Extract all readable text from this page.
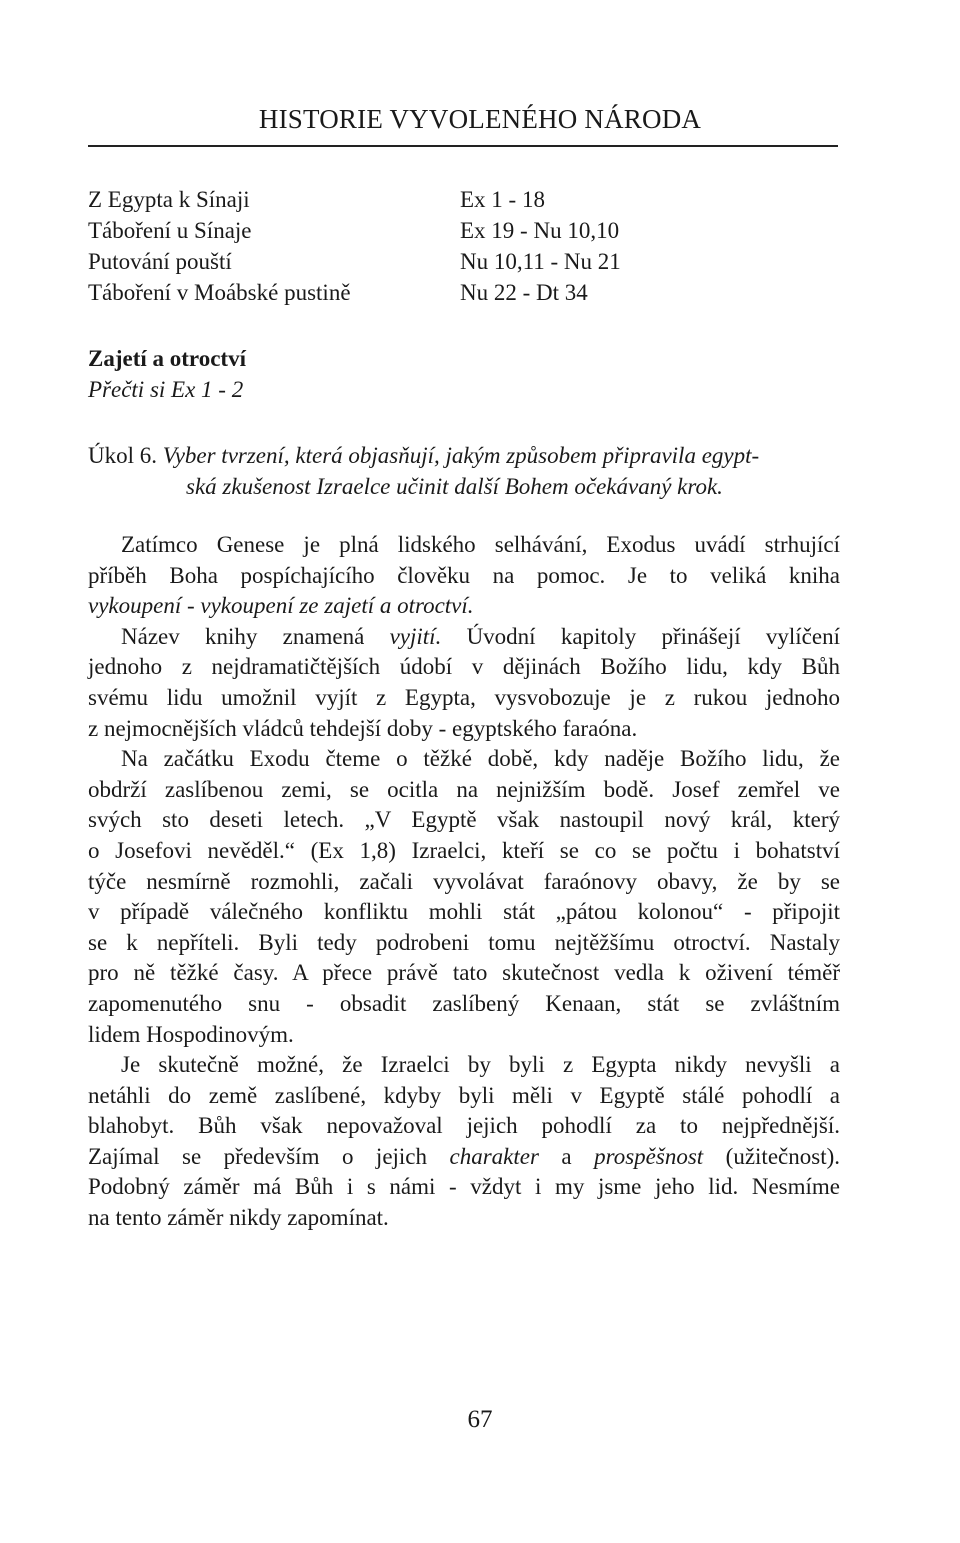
HISTORIE VYVOLENÉHO NÁRODA
Z Egypta k Sínaji	Ex 1 - 18
Táboření u Sínaje	Ex 19 - Nu 10,10
Putování pouští	Nu 10,11 - Nu 21
Táboření v Moábské pustině	Nu 22 - Dt 34
Zajetí a otroctví
Přečti si Ex 1 - 2
Úkol 6. Vyber tvrzení, která objasňují, jakým způsobem připravila egypt-
ská zkušenost Izraelce učinit další Bohem očekávaný krok.

Zatímco Genese je plná lidského selhávání, Exodus uvádí strhující
příběh Boha pospíchajícího člověku na pomoc. Je to veliká kniha
vykoupení - vykoupení ze zajetí a otroctví.

Název knihy znamená vyjití. Úvodní kapitoly přinášejí vylíčení
jednoho z nejdramatičtějších údobí v dějinách Božího lidu, kdy Bůh
svému lidu umožnil vyjít z Egypta, vysvobozuje je z rukou jednoho
z nejmocnějších vládců tehdejší doby - egyptského faraóna.

Na začátku Exodu čteme o těžké době, kdy naděje Božího lidu, že
obdrží zaslíbenou zemi, se ocitla na nejnižším bodě. Josef zemřel ve
svých sto deseti letech. „V Egyptě však nastoupil nový král, který
o Josefovi nevěděl.“ (Ex 1,8) Izraelci, kteří se co se počtu i bohatství
týče nesmírně rozmohli, začali vyvolávat faraónovy obavy, že by se
v případě válečného konfliktu mohli stát „pátou kolonou“ - připojit
se k nepříteli. Byli tedy podrobeni tomu nejtěžšímu otroctví. Nastaly
pro ně těžké časy. A přece právě tato skutečnost vedla k oživení téměř
zapomenutého snu - obsadit zaslíbený Kenaan, stát se zvláštním
lidem Hospodinovým.

Je skutečně možné, že Izraelci by byli z Egypta nikdy nevyšli a
netáhli do země zaslíbené, kdyby byli měli v Egyptě stálé pohodlí a
blahobyt. Bůh však nepovažoval jejich pohodlí za to nejpřednější.
Zajímal se především o jejich charakter a prospěšnost (užitečnost).
Podobný záměr má Bůh i s námi - vždyt i my jsme jeho lid. Nesmíme
na tento záměr nikdy zapomínat.

67
